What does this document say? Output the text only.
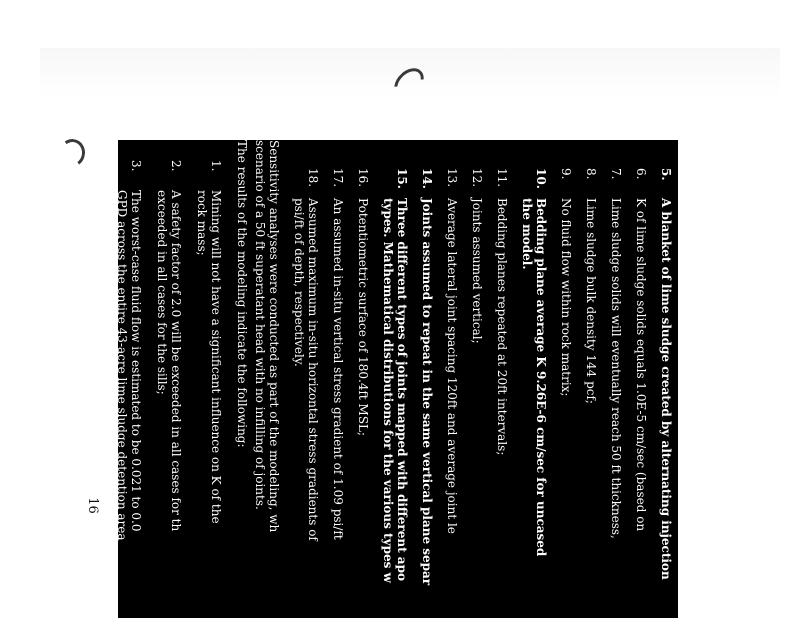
16
5.A blanket of lime sludge created by alternating injection
6.K of lime sludge solids equals 1.0E-5 cm/sec (based on
7.Lime sludge solids will eventually reach 50 ft thickness,
8.Lime sludge bulk density 144 pcf;
9.No fluid flow within rock matrix;
10.Bedding plane average K 9.26E-6 cm/sec for uncased
the model.
11.Bedding planes repeated at 20ft intervals;
12.Joints assumed vertical;
13.Average lateral joint spacing 120ft and average joint le
14.Joints assumed to repeat in the same vertical plane separ
15.Three different types of joints mapped with different apo
types. Mathematical distributions for the various types w
16.Potentiometric surface of 180.4ft MSL;
17.An assumed in-situ vertical stress gradient of 1.09 psi/ft
18.Assumed maximum in-situ horizontal stress gradients of
psi/ft of depth, respectively.
Sensitivity analyses were conducted as part of the modeling, wh
scenario of a 50 ft superatant head with no infilling of joints.
The results of the modeling indicate the following:
1.Mining will not have a significant influence on K of the
rock mass;
2.A safety factor of 2.0 will be exceeded in all cases for th
exceeded in all cases for the sills;
3.The worst-case fluid flow is estimated to be 0.021 to 0.0
GPD across the entire 43-acre lime sludge detention area
